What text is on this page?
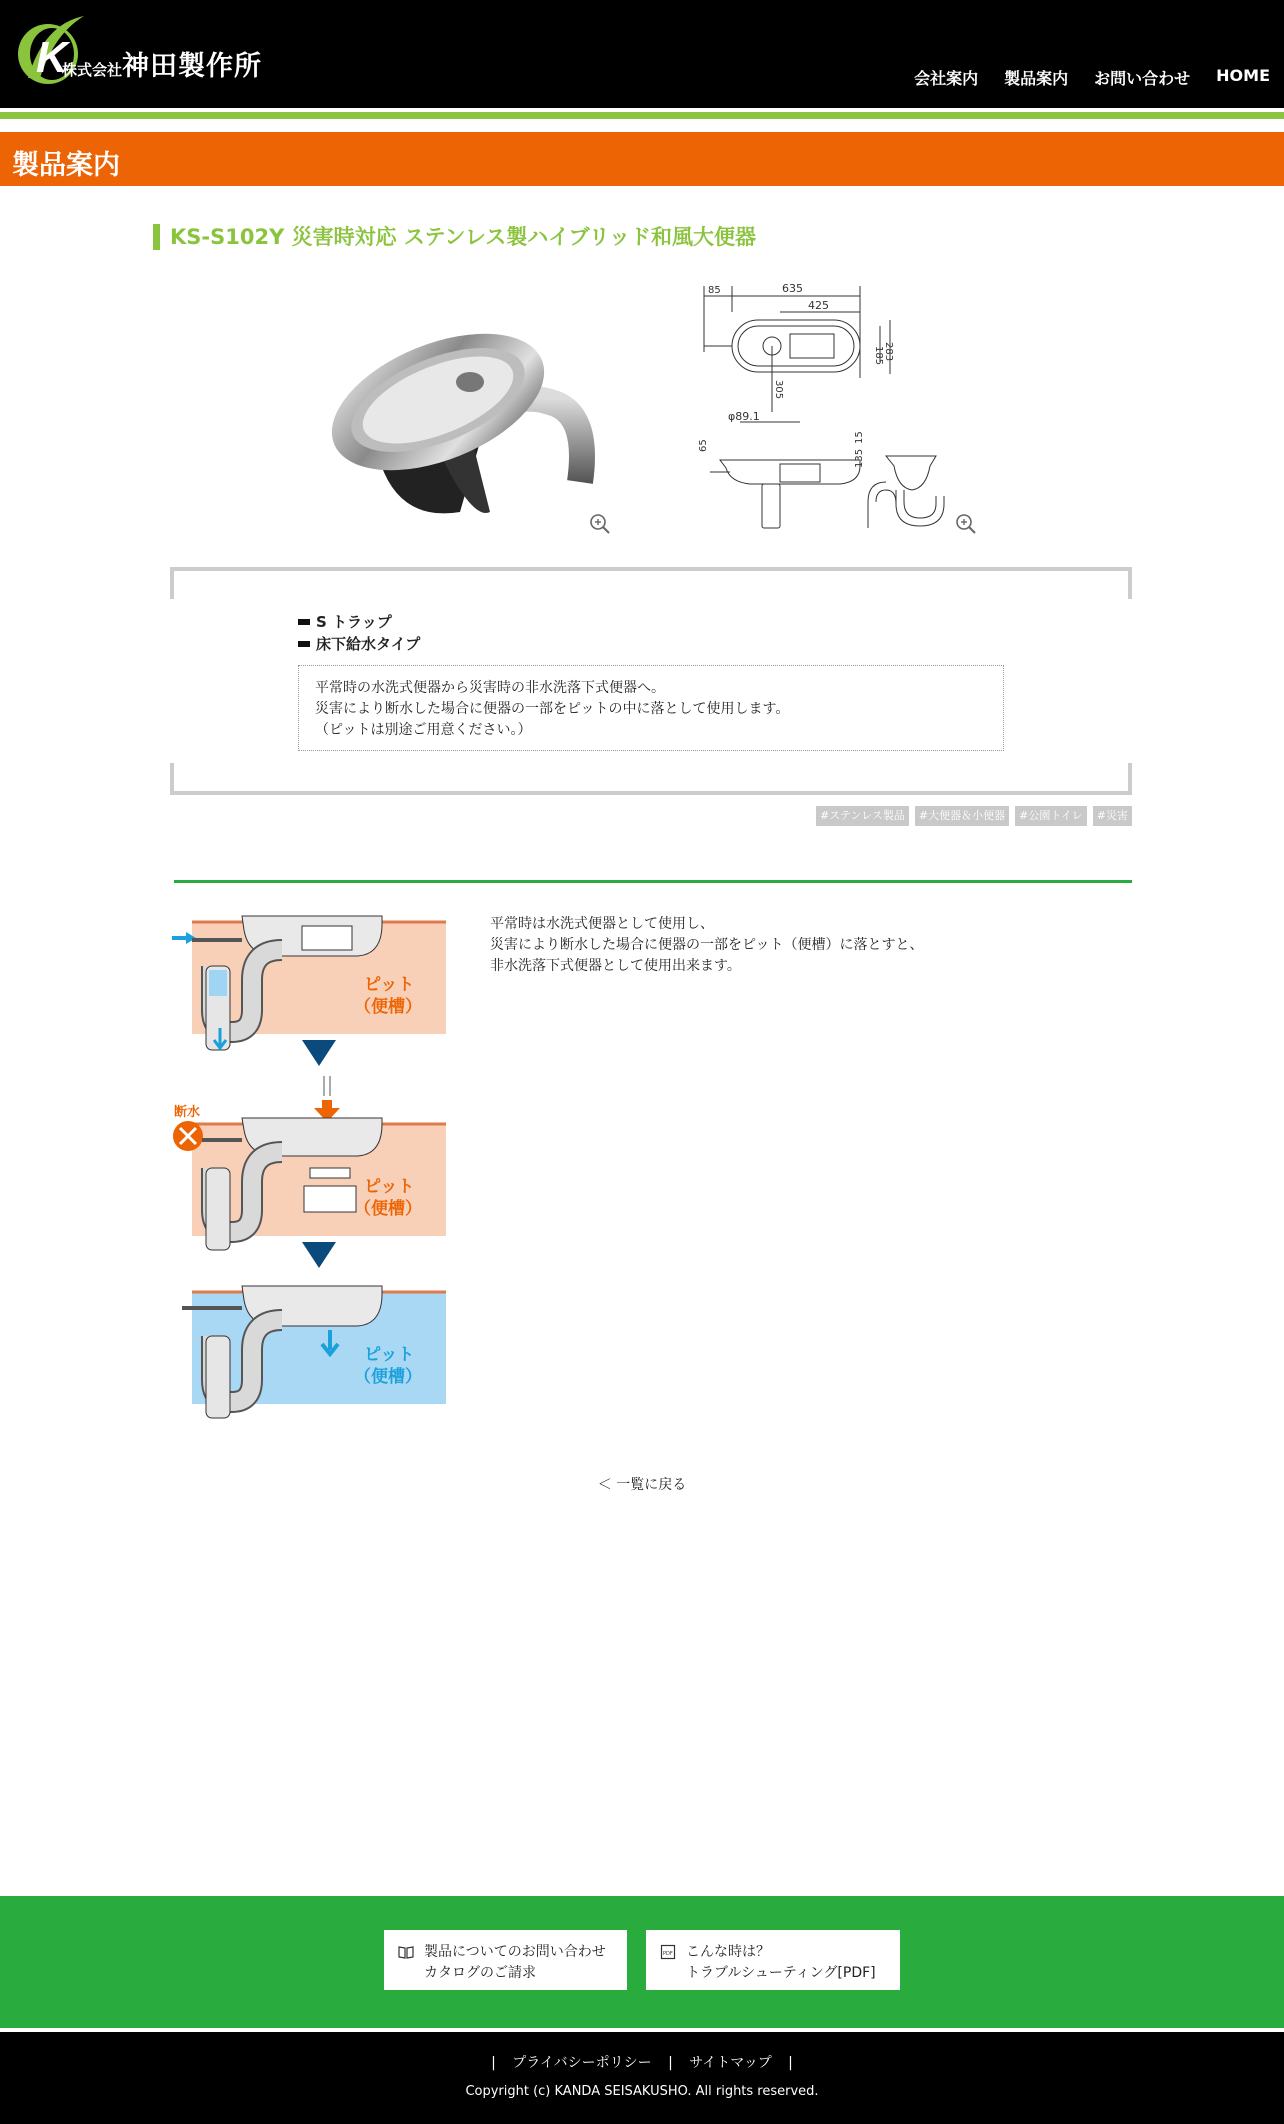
K
株式会社神田製作所	会社案内 製品案内 お問い合わせ HOME
製品案内
KS-S102Y 災害時対応 ステンレス製ハイブリッド和風大便器
85	635
425
185 283
305
φ89.1
65
135
15
S トラップ
床下給水タイプ
平常時の水洗式便器から災害時の非水洗落下式便器へ。
災害により断水した場合に便器の一部をピットの中に落として使用します。
（ピットは別途ご用意ください。）
#ステンレス製品	#大便器＆小便器	#公園トイレ	#災害
ピット
（便槽）
断水
ピット
（便槽）
ピット
（便槽）
平常時は水洗式便器として使用し、
災害により断水した場合に便器の一部をピット（便槽）に落とすと、
非水洗落下式便器として使用出来ます。
＜ 一覧に戻る
製品についてのお問い合わせ
カタログのご請求
PDF こんな時は？
トラブルシューティング[PDF]
| プライバシーポリシー | サイトマップ |
Copyright (c) KANDA SEISAKUSHO. All rights reserved.
